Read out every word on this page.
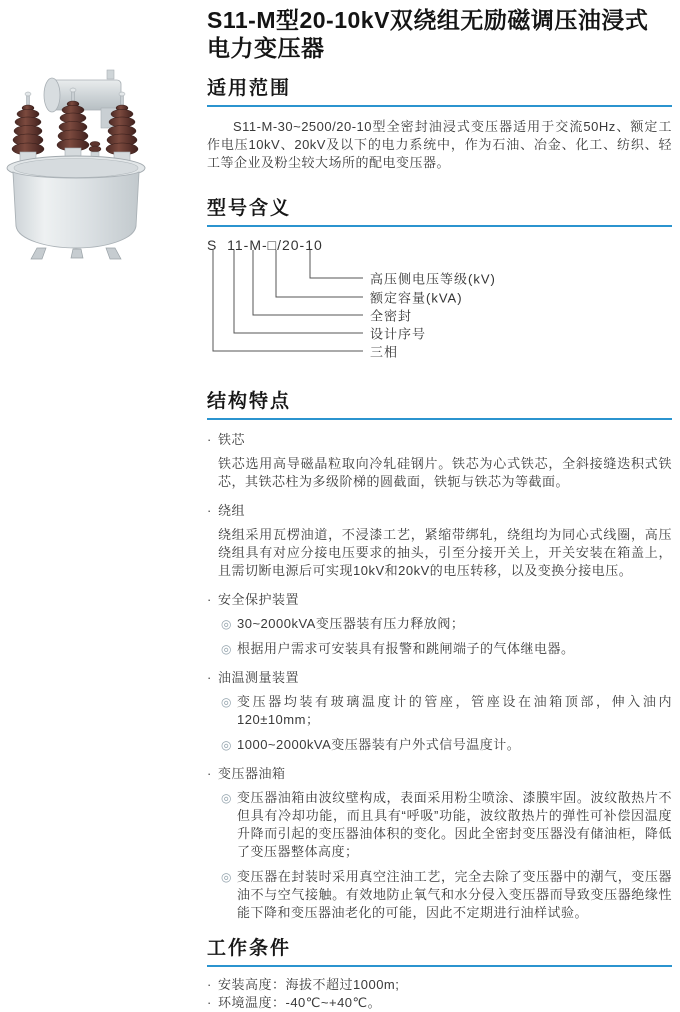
S11-M型20-10kV双绕组无励磁调压油浸式
电力变压器
适用范围

S11-M-30~2500/20-10型全密封油浸式变压器适用于交流50Hz、额定工作电压10kV、20kV及以下的电力系统中，作为石油、冶金、化工、纺织、轻工等企业及粉尘较大场所的配电变压器。

型号含义
S  11-M-□/20-10
高压侧电压等级(kV)
额定容量(kVA)
全密封
设计序号
三相
结构特点
· 铁芯

铁芯选用高导磁晶粒取向冷轧硅钢片。铁芯为心式铁芯，全斜接缝迭积式铁芯，其铁芯柱为多级阶梯的圆截面，铁轭与铁芯为等截面。

· 绕组

绕组采用瓦楞油道，不浸漆工艺，紧缩带绑轧，绕组均为同心式线圈，高压绕组具有对应分接电压要求的抽头，引至分接开关上，开关安装在箱盖上，且需切断电源后可实现10kV和20kV的电压转移，以及变换分接电压。

· 安全保护装置
◎ 30~2000kVA变压器装有压力释放阀；
◎ 根据用户需求可安装具有报警和跳闸端子的气体继电器。
· 油温测量装置
◎ 变压器均装有玻璃温度计的管座，管座设在油箱顶部，伸入油内120±10mm；
◎ 1000~2000kVA变压器装有户外式信号温度计。
· 变压器油箱
◎ 变压器油箱由波纹壁构成，表面采用粉尘喷涂、漆膜牢固。波纹散热片不但具有冷却功能，而且具有“呼吸”功能，波纹散热片的弹性可补偿因温度升降而引起的变压器油体积的变化。因此全密封变压器没有储油柜，降低了变压器整体高度；
◎ 变压器在封装时采用真空注油工艺，完全去除了变压器中的潮气，变压器油不与空气接触。有效地防止氧气和水分侵入变压器而导致变压器绝缘性能下降和变压器油老化的可能，因此不定期进行油样试验。
工作条件
· 安装高度：海拔不超过1000m;
· 环境温度：-40℃~+40℃。
